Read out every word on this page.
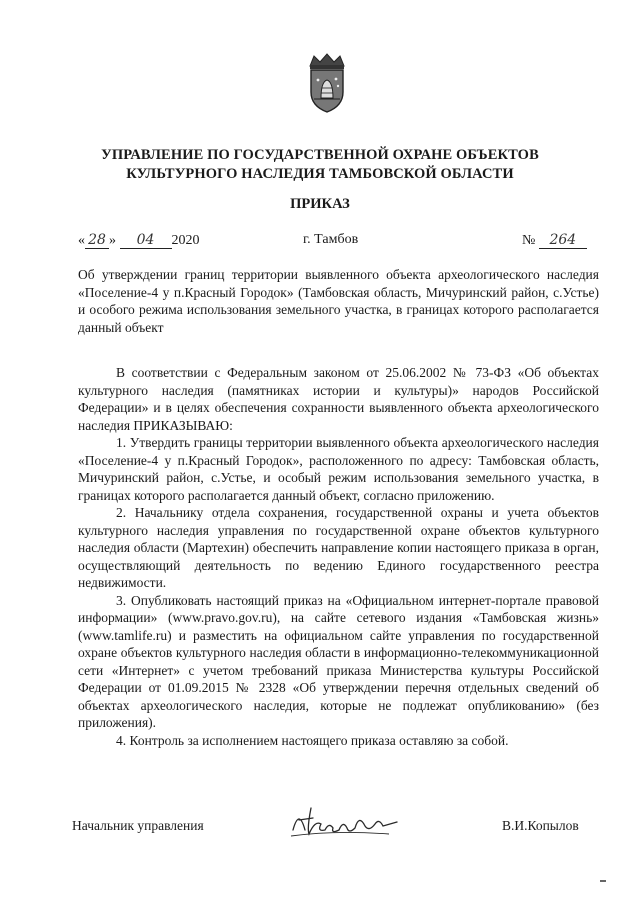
УПРАВЛЕНИЕ ПО ГОСУДАРСТВЕННОЙ ОХРАНЕ ОБЪЕКТОВ
КУЛЬТУРНОГО НАСЛЕДИЯ ТАМБОВСКОЙ ОБЛАСТИ
ПРИКАЗ
« 28 » 04 2020	г. Тамбов	№ 264
Об утверждении границ территории выявленного объекта археологического наследия «Поселение-4 у п.Красный Городок» (Тамбовская область, Мичуринский район, с.Устье) и особого режима использования земельного участка, в границах которого располагается данный объект

В соответствии с Федеральным законом от 25.06.2002 № 73-ФЗ «Об объектах культурного наследия (памятниках истории и культуры)» народов Российской Федерации» и в целях обеспечения сохранности выявленного объекта археологического наследия ПРИКАЗЫВАЮ:

1. Утвердить границы территории выявленного объекта археологического наследия «Поселение-4 у п.Красный Городок», расположенного по адресу: Тамбовская область, Мичуринский район, с.Устье, и особый режим использования земельного участка, в границах которого располагается данный объект, согласно приложению.

2. Начальнику отдела сохранения, государственной охраны и учета объектов культурного наследия управления по государственной охране объектов культурного наследия области (Мартехин) обеспечить направление копии настоящего приказа в орган, осуществляющий деятельность по ведению Единого государственного реестра недвижимости.

3. Опубликовать настоящий приказ на «Официальном интернет-портале правовой информации» (www.pravo.gov.ru), на сайте сетевого издания «Тамбовская жизнь» (www.tamlife.ru) и разместить на официальном сайте управления по государственной охране объектов культурного наследия области в информационно-телекоммуникационной сети «Интернет» с учетом требований приказа Министерства культуры Российской Федерации от 01.09.2015 № 2328 «Об утверждении перечня отдельных сведений об объектах археологического наследия, которые не подлежат опубликованию» (без приложения).

4. Контроль за исполнением настоящего приказа оставляю за собой.

Начальник управления	В.И.Копылов
